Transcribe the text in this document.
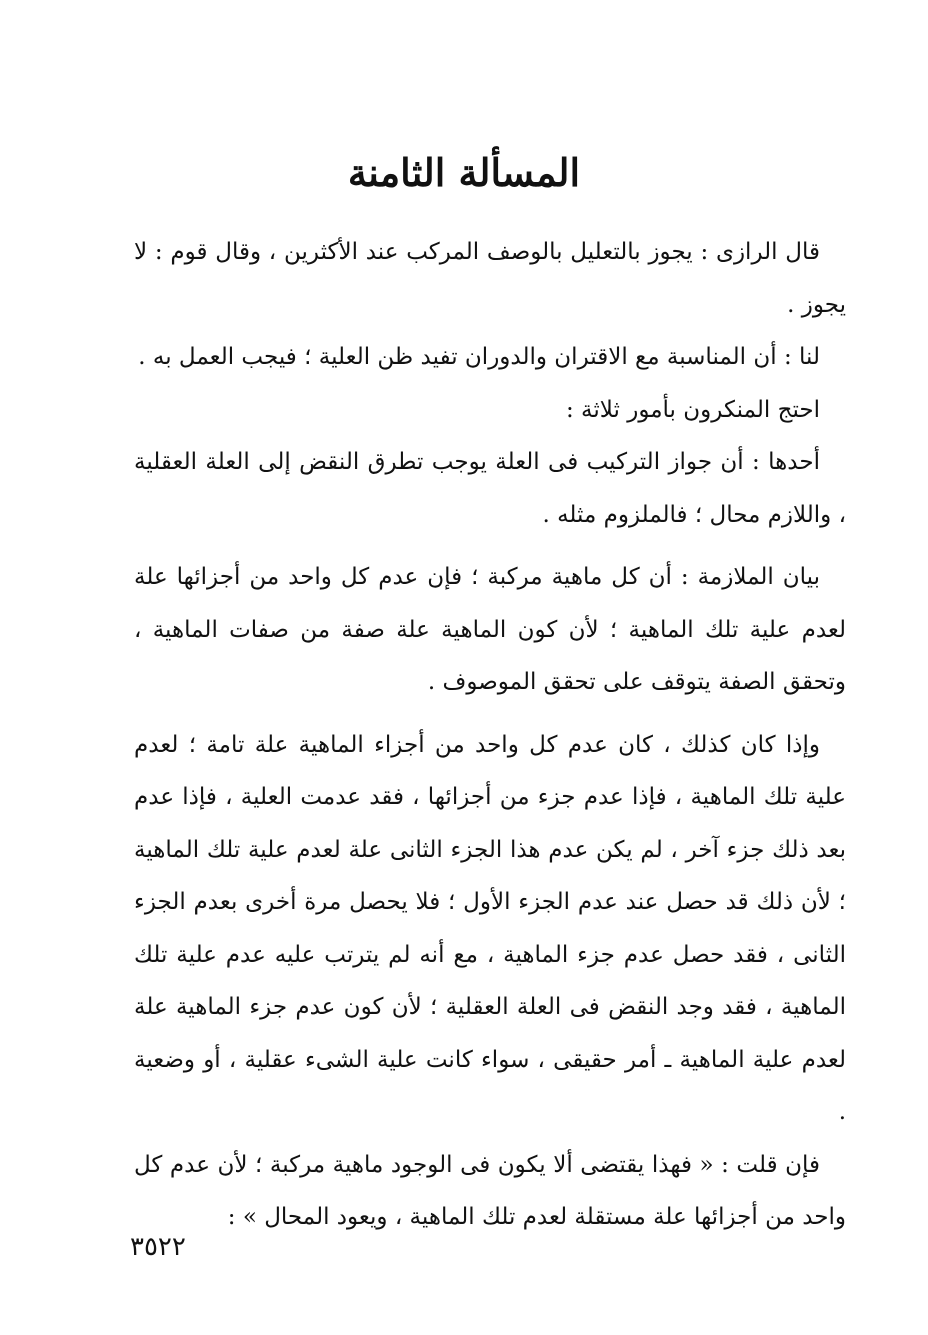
المسألة الثامنة

قال الرازى : يجوز بالتعليل بالوصف المركب عند الأكثرين ، وقال قوم : لا يجوز .

لنا : أن المناسبة مع الاقتران والدوران تفيد ظن العلية ؛ فيجب العمل به .

احتج المنكرون بأمور ثلاثة :

أحدها : أن جواز التركيب فى العلة يوجب تطرق النقض إلى العلة العقلية ، واللازم محال ؛ فالملزوم مثله .

بيان الملازمة : أن كل ماهية مركبة ؛ فإن عدم كل واحد من أجزائها علة لعدم علية تلك الماهية ؛ لأن كون الماهية علة صفة من صفات الماهية ، وتحقق الصفة يتوقف على تحقق الموصوف .

وإذا كان كذلك ، كان عدم كل واحد من أجزاء الماهية علة تامة ؛ لعدم علية تلك الماهية ، فإذا عدم جزء من أجزائها ، فقد عدمت العلية ، فإذا عدم بعد ذلك جزء آخر ، لم يكن عدم هذا الجزء الثانى علة لعدم علية تلك الماهية ؛ لأن ذلك قد حصل عند عدم الجزء الأول ؛ فلا يحصل مرة أخرى بعدم الجزء الثانى ، فقد حصل عدم جزء الماهية ، مع أنه لم يترتب عليه عدم علية تلك الماهية ، فقد وجد النقض فى العلة العقلية ؛ لأن كون عدم جزء الماهية علة لعدم علية الماهية ـ أمر حقيقى ، سواء كانت علية الشىء عقلية ، أو وضعية .

فإن قلت : « فهذا يقتضى ألا يكون فى الوجود ماهية مركبة ؛ لأن عدم كل واحد من أجزائها علة مستقلة لعدم تلك الماهية ، ويعود المحال » :

٣٥٢٢
